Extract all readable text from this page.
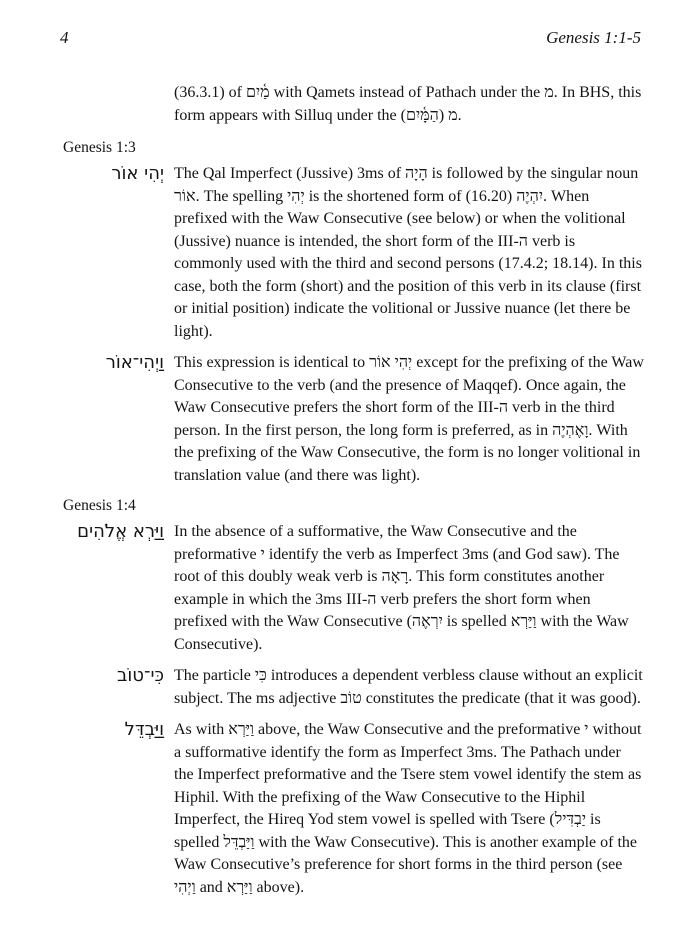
4	Genesis 1:1-5
(36.3.1) of מַ֫יִם with Qamets instead of Pathach under the מ. In BHS, this form appears with Silluq under the מ (הַמָּ֫יִם).
Genesis 1:3
יְהִי אוֹר The Qal Imperfect (Jussive) 3ms of הָיָה is followed by the singular noun אוֹר. The spelling יְהִי is the shortened form of יִהְיֶה (16.20). When prefixed with the Waw Consecutive (see below) or when the volitional (Jussive) nuance is intended, the short form of the III-ה verb is commonly used with the third and second persons (17.4.2; 18.14). In this case, both the form (short) and the position of this verb in its clause (first or initial position) indicate the volitional or Jussive nuance (let there be light).
וַיְהִי־אוֹר This expression is identical to יְהִי אוֹר except for the prefixing of the Waw Consecutive to the verb (and the presence of Maqqef). Once again, the Waw Consecutive prefers the short form of the III-ה verb in the third person. In the first person, the long form is preferred, as in וָאֶהְיֶה. With the prefixing of the Waw Consecutive, the form is no longer volitional in translation value (and there was light).
Genesis 1:4
וַיַּרְא אֱלֹהִים In the absence of a sufformative, the Waw Consecutive and the preformative י identify the verb as Imperfect 3ms (and God saw). The root of this doubly weak verb is רָאָה. This form constitutes another example in which the 3ms III-ה verb prefers the short form when prefixed with the Waw Consecutive (יִרְאֶה is spelled וַיַּרְא with the Waw Consecutive).
כִּי־טוֹב The particle כִּי introduces a dependent verbless clause without an explicit subject. The ms adjective טוֹב constitutes the predicate (that it was good).
וַיַּבְדֵּל As with וַיַּרְא above, the Waw Consecutive and the preformative י without a sufformative identify the form as Imperfect 3ms. The Pathach under the Imperfect preformative and the Tsere stem vowel identify the stem as Hiphil. With the prefixing of the Waw Consecutive to the Hiphil Imperfect, the Hireq Yod stem vowel is spelled with Tsere (יַבְדִּיל is spelled וַיַּבְדֵּל with the Waw Consecutive). This is another example of the Waw Consecutive’s preference for short forms in the third person (see וַיְהִי and וַיַּרְא above).
